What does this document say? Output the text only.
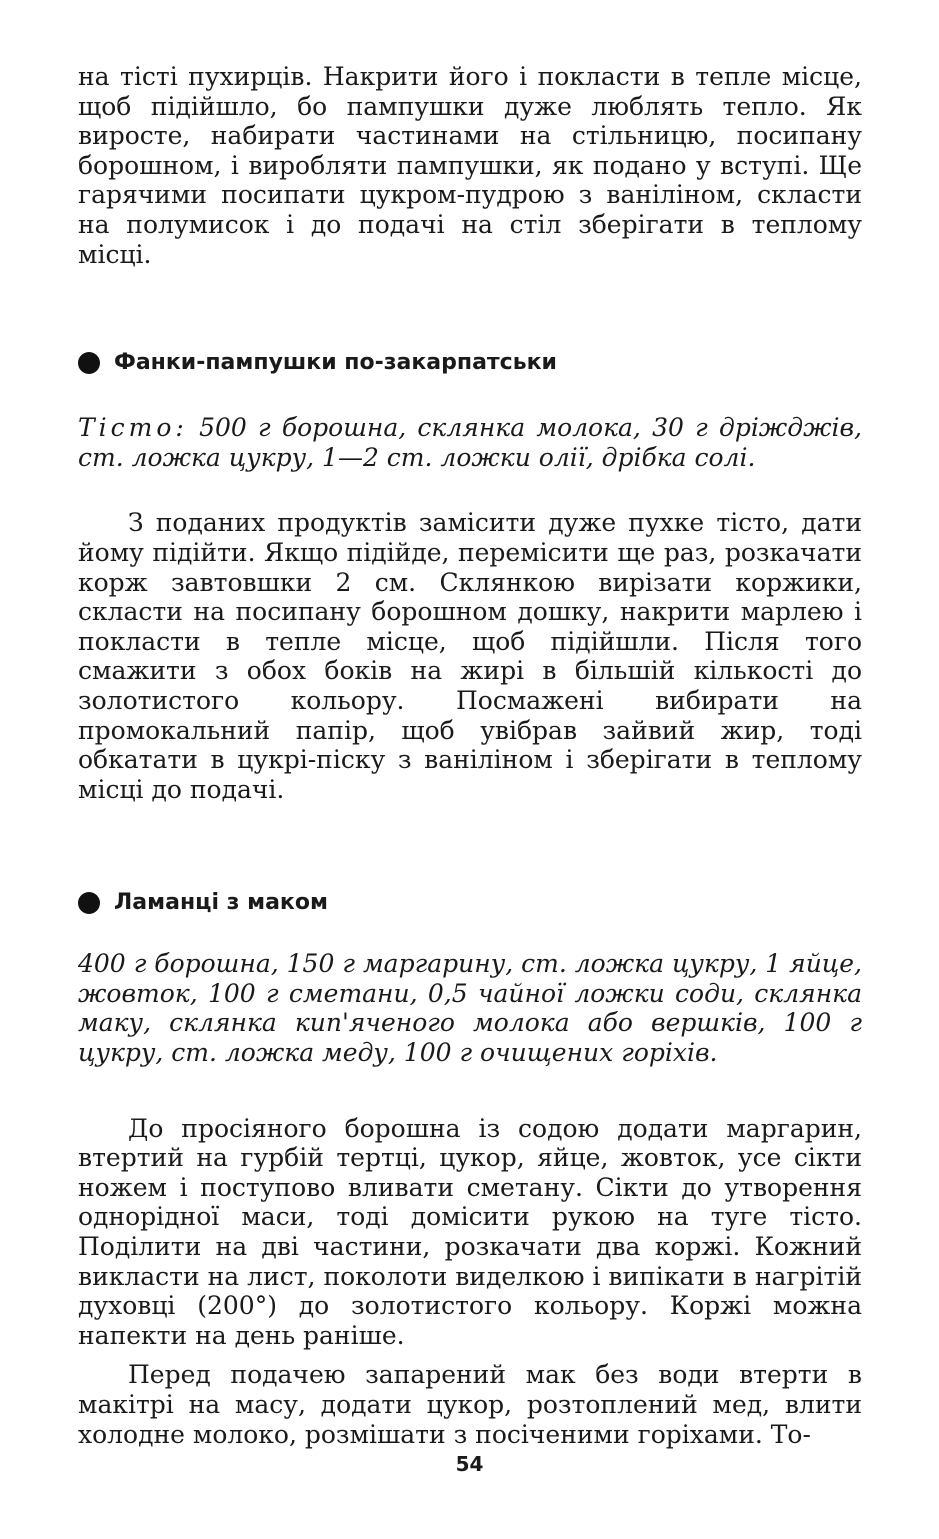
на тісті пухирців. Накрити його і покласти в тепле місце, щоб підійшло, бо пампушки дуже люблять тепло. Як виросте, набирати частинами на стільницю, посипану борошном, і виробляти пампушки, як подано у вступі. Ще гарячими посипати цукром-пудрою з ваніліном, скласти на полумисок і до подачі на стіл зберігати в теплому місці.

Фанки-пампушки по-закарпатськи

Тісто: 500 г борошна, склянка молока, 30 г дріжджів, ст. ложка цукру, 1—2 ст. ложки олії, дрібка солі.

З поданих продуктів замісити дуже пухке тісто, дати йому підійти. Якщо підійде, перемісити ще раз, розкачати корж завтовшки 2 см. Склянкою вирізати коржики, скласти на посипану борошном дошку, накрити марлею і покласти в тепле місце, щоб підійшли. Після того смажити з обох боків на жирі в більшій кількості до золотистого кольору. Посмажені вибирати на промокальний папір, щоб увібрав зайвий жир, тоді обкатати в цукрі-піску з ваніліном і зберігати в теплому місці до подачі.

Ламанці з маком

400 г борошна, 150 г маргарину, ст. ложка цукру, 1 яйце, жовток, 100 г сметани, 0,5 чайної ложки соди, склянка маку, склянка кип'яченого молока або вершків, 100 г цукру, ст. ложка меду, 100 г очищених горіхів.

До просіяного борошна із содою додати маргарин, втертий на гурбій тертці, цукор, яйце, жовток, усе сікти ножем і поступово вливати сметану. Сікти до утворення однорідної маси, тоді домісити рукою на туге тісто. Поділити на дві частини, розкачати два коржі. Кожний викласти на лист, поколоти виделкою і випікати в нагрітій духовці (200°) до золотистого кольору. Коржі можна напекти на день раніше.

Перед подачею запарений мак без води втерти в макітрі на масу, додати цукор, розтоплений мед, влити холодне молоко, розмішати з посіченими горіхами. То-

54
